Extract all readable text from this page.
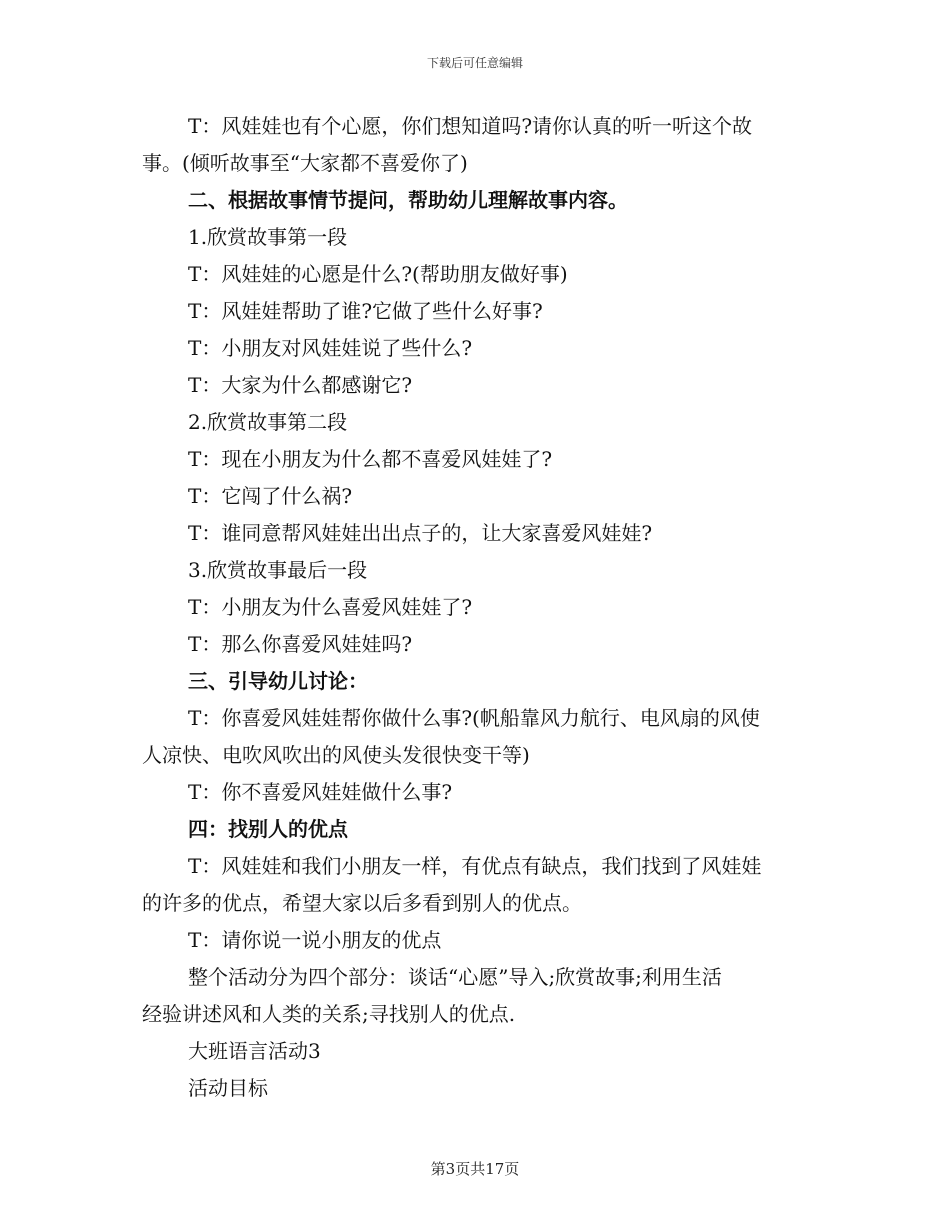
下载后可任意编辑

T：风娃娃也有个心愿，你们想知道吗?请你认真的听一听这个故

事。(倾听故事至“大家都不喜爱你了)

二、根据故事情节提问，帮助幼儿理解故事内容。

1.欣赏故事第一段

T：风娃娃的心愿是什么?(帮助朋友做好事)

T：风娃娃帮助了谁?它做了些什么好事?

T：小朋友对风娃娃说了些什么?

T：大家为什么都感谢它?

2.欣赏故事第二段

T：现在小朋友为什么都不喜爱风娃娃了?

T：它闯了什么祸?

T：谁同意帮风娃娃出出点子的，让大家喜爱风娃娃?

3.欣赏故事最后一段

T：小朋友为什么喜爱风娃娃了?

T：那么你喜爱风娃娃吗?

三、引导幼儿讨论：

T：你喜爱风娃娃帮你做什么事?(帆船靠风力航行、电风扇的风使

人凉快、电吹风吹出的风使头发很快变干等)

T：你不喜爱风娃娃做什么事?

四：找别人的优点

T：风娃娃和我们小朋友一样，有优点有缺点，我们找到了风娃娃

的许多的优点，希望大家以后多看到别人的优点。

T：请你说一说小朋友的优点

整个活动分为四个部分：谈话“心愿”导入;欣赏故事;利用生活

经验讲述风和人类的关系;寻找别人的优点.

大班语言活动3

活动目标

第3页共17页
